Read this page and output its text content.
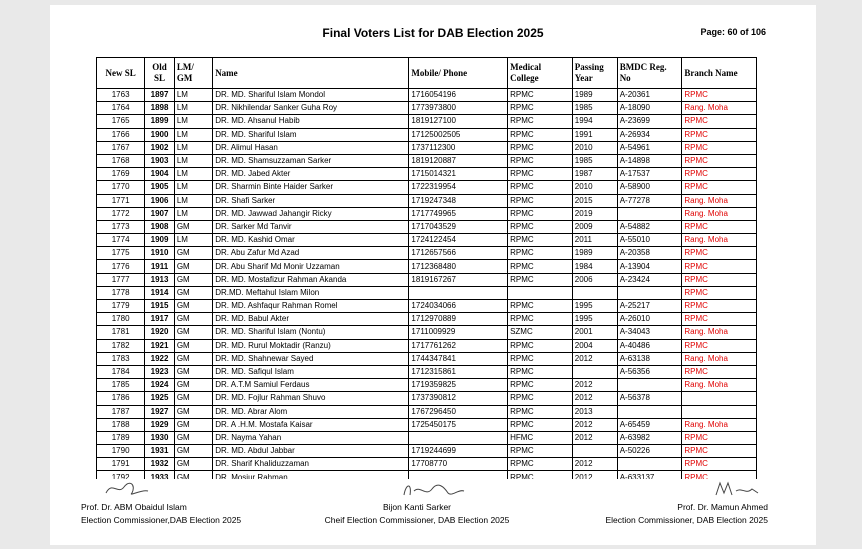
Final Voters List for DAB Election 2025	Page: 60 of 106
New SL	Old SL	LM/ GM	Name	Mobile/ Phone	Medical College	Passing Year	BMDC Reg. No	Branch Name
1763	1897	LM	DR. MD. Shariful Islam Mondol	1716054196	RPMC	1989	A-20361	RPMC
1764	1898	LM	DR. Nikhilendar Sanker Guha Roy	1773973800	RPMC	1985	A-18090	Rang. Moha
1765	1899	LM	DR. MD. Ahsanul Habib	1819127100	RPMC	1994	A-23699	RPMC
1766	1900	LM	DR. MD. Shariful Islam	17125002505	RPMC	1991	A-26934	RPMC
1767	1902	LM	DR. Alimul Hasan	1737112300	RPMC	2010	A-54961	RPMC
1768	1903	LM	DR. MD. Shamsuzzaman Sarker	1819120887	RPMC	1985	A-14898	RPMC
1769	1904	LM	DR. MD. Jabed Akter	1715014321	RPMC	1987	A-17537	RPMC
1770	1905	LM	DR. Sharmin Binte Haider Sarker	1722319954	RPMC	2010	A-58900	RPMC
1771	1906	LM	DR. Shafi Sarker	1719247348	RPMC	2015	A-77278	Rang. Moha
1772	1907	LM	DR. MD. Jawwad Jahangir Ricky	1717749965	RPMC	2019		Rang. Moha
1773	1908	GM	DR. Sarker Md Tanvir	1717043529	RPMC	2009	A-54882	RPMC
1774	1909	LM	DR. MD. Kashid Omar	1724122454	RPMC	2011	A-55010	Rang. Moha
1775	1910	GM	DR. Abu Zafur Md Azad	1712657566	RPMC	1989	A-20358	RPMC
1776	1911	GM	DR. Abu Sharif Md Monir Uzzaman	1712368480	RPMC	1984	A-13904	RPMC
1777	1913	GM	DR. MD. Mostafizur Rahman Akanda	1819167267	RPMC	2006	A-23424	RPMC
1778	1914	GM	DR.MD. Meftahul Islam Milon					RPMC
1779	1915	GM	DR. MD. Ashfaqur Rahman Romel	1724034066	RPMC	1995	A-25217	RPMC
1780	1917	GM	DR. MD. Babul Akter	1712970889	RPMC	1995	A-26010	RPMC
1781	1920	GM	DR. MD. Shariful Islam (Nontu)	1711009929	SZMC	2001	A-34043	Rang. Moha
1782	1921	GM	DR. MD. Rurul Moktadir (Ranzu)	1717761262	RPMC	2004	A-40486	RPMC
1783	1922	GM	DR. MD. Shahnewar Sayed	1744347841	RPMC	2012	A-63138	Rang. Moha
1784	1923	GM	DR. MD. Safiqul Islam	1712315861	RPMC		A-56356	RPMC
1785	1924	GM	DR. A.T.M Samiul Ferdaus	1719359825	RPMC	2012		Rang. Moha
1786	1925	GM	DR. MD. Fojlur Rahman Shuvo	1737390812	RPMC	2012	A-56378	
1787	1927	GM	DR. MD. Abrar Alom	1767296450	RPMC	2013		
1788	1929	GM	DR. A .H.M. Mostafa Kaisar	1725450175	RPMC	2012	A-65459	Rang. Moha
1789	1930	GM	DR. Nayma Yahan		HFMC	2012	A-63982	RPMC
1790	1931	GM	DR. MD. Abdul Jabbar	1719244699	RPMC		A-50226	RPMC
1791	1932	GM	DR. Sharif Khaliduzzaman	17708770	RPMC	2012		RPMC
1792	1933	GM	DR. Mosiur Rahman		RPMC	2012	A-633137	RPMC
Prof. Dr. ABM Obaidul Islam
Election Commissioner,DAB Election 2025
Bijon Kanti Sarker
Cheif Election Commissioner, DAB Election 2025
Prof. Dr. Mamun Ahmed
Election Commissioner, DAB Election 2025
